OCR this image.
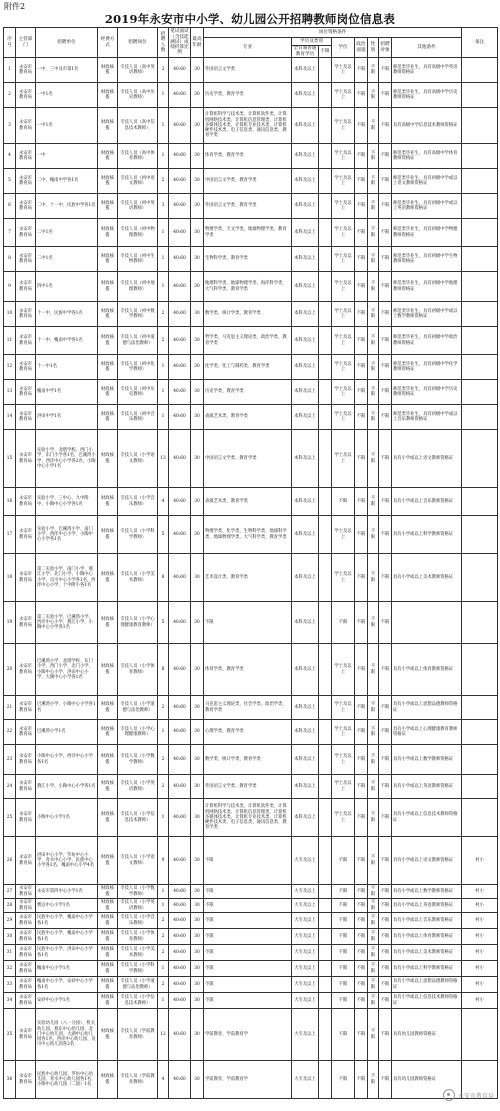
附件2
2019年永安市中小学、幼儿园公开招聘教师岗位信息表
序号	主管部门	招聘单位	经费方式	招聘岗位	招聘人数	笔试面试（含技能测试）成绩折算比例	最高年龄	岗位资格条件								备注
								专业	学历及类别		学位	政治面貌	性别	招聘对象	其他条件	
									全日制普通教育学历	不限						
1	永安市教育局	一中、三中及市第1名	财政核拨	专技人员（高中英语教师）	2	40:60	30	外国语言文学类	本科及以上		学士及以上	不限	不限	不限	师范类毕业生，具有高级中学英语教师资格证	
2	永安市教育局	一中1名	财政核拨	专技人员（高中历史教师）	1	40:60	30	历史学类、教育学类	本科及以上		学士及以上	不限	不限	不限	师范类毕业生，具有高级中学历史教师资格证	
3	永安市教育局	一中1名	财政核拨	专技人员（高中信息技术教师）	1	40:60	30	计算机科学与技术类、计算机软件类、计算机网络技术类、计算机信息管理类、计算机多媒体技术类、计算机专业技术类、计算机硬件技术类、电子信息类、通讯信息类、教育学类	本科及以上		学士及以上	不限	不限	不限	具有高级中学信息技术教师资格证	
4	永安市教育局	一中	财政核拨	专技人员（高中体育教师）	1	40:60	30	体育学类、教育学类	本科及以上		学士及以上	不限	不限	不限	师范类毕业生，具有高级中学体育教师资格证	
5	永安市教育局	二中、槐南中学各1名	财政核拨	专技人员（初中语文教师）	2	40:60	30	中国语言文学类、教育学类	本科及以上		学士及以上	不限	不限	不限	师范类毕业生，具有初级中学或以上语文教师资格证	
6	永安市教育局	二中、十一中、民族中学各1名	财政核拨	专技人员（初中英语教师）	3	40:60	30	外国语言文学类、教育学类	本科及以上		学士及以上	不限	不限	不限	师范类毕业生，具有初级中学或以上英语教师资格证	
7	永安市教育局	二中1名	财政核拨	专技人员（初中物理教师）	1	40:60	30	物理学类、天文学类、地球物理学类、教育学类	本科及以上		学士及以上	不限	不限	不限	师范类毕业生，具有初级中学物理教师资格证	
8	永安市教育局	二中1名	财政核拨	专技人员（初中生物教师）	1	40:60	30	生物科学类、教育学类	本科及以上		学士及以上	不限	不限	不限	师范类毕业生，具有初级中学生物教师资格证	
9	永安市教育局	四中1名	财政核拨	专技人员（初中地理教师）	1	40:60	30	地理科学类、地球物理学类、海洋科学类、大气科学类、教育学类	本科及以上		学士及以上	不限	不限	不限	师范类毕业生，具有初级中学地理教师资格证	
10	永安市教育局	十一中、民族中学各1名	财政核拨	专技人员（初中数学教师）	2	40:60	30	数学类、统计学类、教育学类	本科及以上		学士及以上	不限	不限	不限	师范类毕业生，具有初级中学或以上数学教师资格证	
11	永安市教育局	十一中、槐南中学各1名	财政核拨	专技人员（初中道德与法治教师）	2	40:60	30	哲学类、马克思主义理论类、政治学类、教育学类	本科及以上		学士及以上	不限	不限	不限	师范类毕业生，具有初级中学政治教师资格证	
12	永安市教育局	十一中1名	财政核拨	专技人员（初中化学教师）	1	40:60	30	化学类、化工与制药类、教育学类	本科及以上		学士及以上	不限	不限	不限	师范类毕业生，具有初级中学化学教师资格证	
13	永安市教育局	槐南中学1名	财政核拨	专技人员（初中历史教师）	1	40:60	30	历史学类、教育学类	本科及以上		学士及以上	不限	不限	不限	师范类毕业生，具有初级中学历史教师资格证	
14	永安市教育局	洪田中学1名	财政核拨	专技人员（初中音乐教师）	1	40:60	30	表演艺术类、教育学类	本科及以上		学士及以上	不限	不限	不限	师范类毕业生，具有初级中学或以上音乐教师资格证	
15	永安市教育局	实验小学、北塔学校、西门小学、东门小学各1名，巴溪湾小学、西洋中心小学各2名，小陶中心小学1名	财政核拨	专技人员（小学语文教师）	13	40:60	30	中国语言文学类、教育学类	本科及以上		学士及以上	不限	不限	不限	具有小学或以上语文教师资格证	
16	永安市教育局	实验小学、三中心、九中附中、小陶中心小学各1名	财政核拨	专技人员（小学音乐教师）	4	40:60	30	表演艺术类、教育学类	本科及以上		不限	不限	不限	不限	具有小学或以上音乐教师资格证	
17	永安市教育局	实验小学、巴溪湾小学、南门小学、西洋中心小学、小陶中心小学各1名	财政核拨	专技人员（小学科学教师）	5	40:60	30	物理学类、化学类、生物科学类、地球科学类、地球物理学类、大气科学类、教育学类	本科及以上		学士及以上	不限	不限	不限	具有小学或以上科学教师资格证	
18	永安市教育局	第二实验小学、南门小学、燕江小学、北门小学、小陶中心小学、贡川中心小学各1名，西洋中心小学、十中附小各1名	财政核拨	专技人员（小学美术教师）	8	40:60	30	艺术设计类、教育学类	本科及以上		学士及以上	不限	不限	不限	具有小学或以上美术教师资格证	
19	永安市教育局	第二实验小学、巴溪湾小学、西洋中心小学、燕江小学、小陶中心小学各1名	财政核拨	专技人员（小学心理健康教育教师）	5	40:60	30	不限	本科及以上		不限	不限	不限	不限		
20	永安市教育局	巴溪湾小学、北塔学校、东门小学、西门小学、北门小学、小陶中心小学、洪田中心小学、大湖中心小学各1名	财政核拨	专技人员（小学体育教师）	8	40:60	30	体育学类、教育学类	本科及以上		学士及以上	不限	不限	不限	具有小学或以上体育教师资格证	
21	永安市教育局	巴溪湾小学、小陶中心小学各1名	财政核拨	专技人员（小学道德与法治教师）	2	40:60	30	马克思主义理论类、社会学类、政治学类、教育学类	本科及以上		学士及以上	不限	不限	不限	具有小学或以上思想品德教师资格证	
22	永安市教育局	巴溪湾小学1名	财政核拨	专技人员（小学心理健康教师）	1	40:60	30	心理学类、教育学类	本科及以上		学士及以上	不限	不限	不限	具有小学或以上心理健康教育教师资格证	
23	永安市教育局	小陶中心小学、西洋中心小学各1名	财政核拨	专技人员（小学数学教师）	2	40:60	30	数学类、统计学类、教育学类	本科及以上		学士及以上	不限	不限	不限	具有小学或以上数学教师资格证	
24	永安市教育局	燕江小学、小陶中心小学各1名	财政核拨	专技人员（小学英语教师）	2	40:60	30	外国语言文学类、教育学类	本科及以上		学士及以上	不限	不限	不限	具有小学或以上英语教师资格证	
25	永安市教育局	小陶中心小学1名	财政核拨	专技人员（小学信息技术教师）	1	40:60	30	计算机科学与技术类、计算机软件类、计算机网络技术类、计算机信息管理类、计算机多媒体技术类、计算机专业技术类、计算机硬件技术类、电子信息类、通讯信息类、教育学类	本科及以上		学士及以上	不限	不限	不限	具有小学或以上信息技术教师资格证	
26	永安市教育局	洪田中心小学、罗坊中心小学、青水中心小学、民族中心小学各2名，槐南中心小学4名	财政核拨	专技人员（小学语文教师）	9	40:60	30	不限	大专及以上		不限	不限	不限	不限	具有小学或以上语文教师资格证	村小
27	永安市教育局	永安市第四中心小学1名	财政核拨	专技人员（小学数学教师）	1	40:60	30	不限	大专及以上		不限	不限	不限	不限	具有小学或以上数学教师资格证	村小
28	永安市教育局	曹远中心小学1名	财政核拨	专技人员（小学英语教师）	1	40:60	30	不限	大专及以上		不限	不限	不限	不限	具有小学或以上英语教师资格证	村小
29	永安市教育局	民族中心小学、槐南中心小学各1名	财政核拨	专技人员（小学音乐教师）	2	40:60	30	不限	大专及以上		不限	不限	不限	不限	具有小学或以上音乐教师资格证	村小
30	永安市教育局	民族中心小学、槐南中心小学各1名	财政核拨	专技人员（小学体育教师）	2	40:60	30	不限	大专及以上		不限	不限	不限	不限	具有小学或以上体育教师资格证	村小
31	永安市教育局	民族中心小学、洪田中心小学各1名	财政核拨	专技人员（小学美术教师）	2	40:60	30	不限	大专及以上		不限	不限	不限	不限	具有小学或以上美术教师资格证	村小
32	永安市教育局	槐南中心小学1名	财政核拨	专技人员（小学科学教师）	1	40:60	30	不限	大专及以上		不限	不限	不限	不限	具有小学或以上科学教师资格证	村小
33	永安市教育局	槐南中心小学、安砂中心小学各1名	财政核拨	专技人员（小学道德与法治教师）	2	40:60	30	不限	大专及以上		不限	不限	不限	不限	具有小学或以上思想品德教师资格证	村小
34	永安市教育局	安砂中心小学1名	财政核拨	专技人员（小学信息技术教师）	1	40:60	30	不限	大专及以上		不限	不限	不限	不限	具有小学或以上信息技术教师资格证	村小
35	永安市教育局	实验幼儿园（八一分园）、机关幼儿园、燕东中心幼儿园、北门中心幼儿园、大湖中心幼儿园各1名，西洋中心幼儿园、贡川中心幼儿园各2名	财政核拨	专技人员（学前教育教师）	12	40:60	30	学前教育、学前教育学	大专及以上		不限	不限	不限	不限	具有幼儿园教师资格证	
36	永安市教育局	民族中心幼儿园、罗坊中心幼儿园、青水中心幼儿园各1名，小陶中心幼儿园（二园）1名	财政核拨	专技人员（学前教育教师）	4	40:60	30	学前教育、学前教育学	大专及以上		不限	不限	不限	不限	具有幼儿园教师资格证	
永安市教育局
